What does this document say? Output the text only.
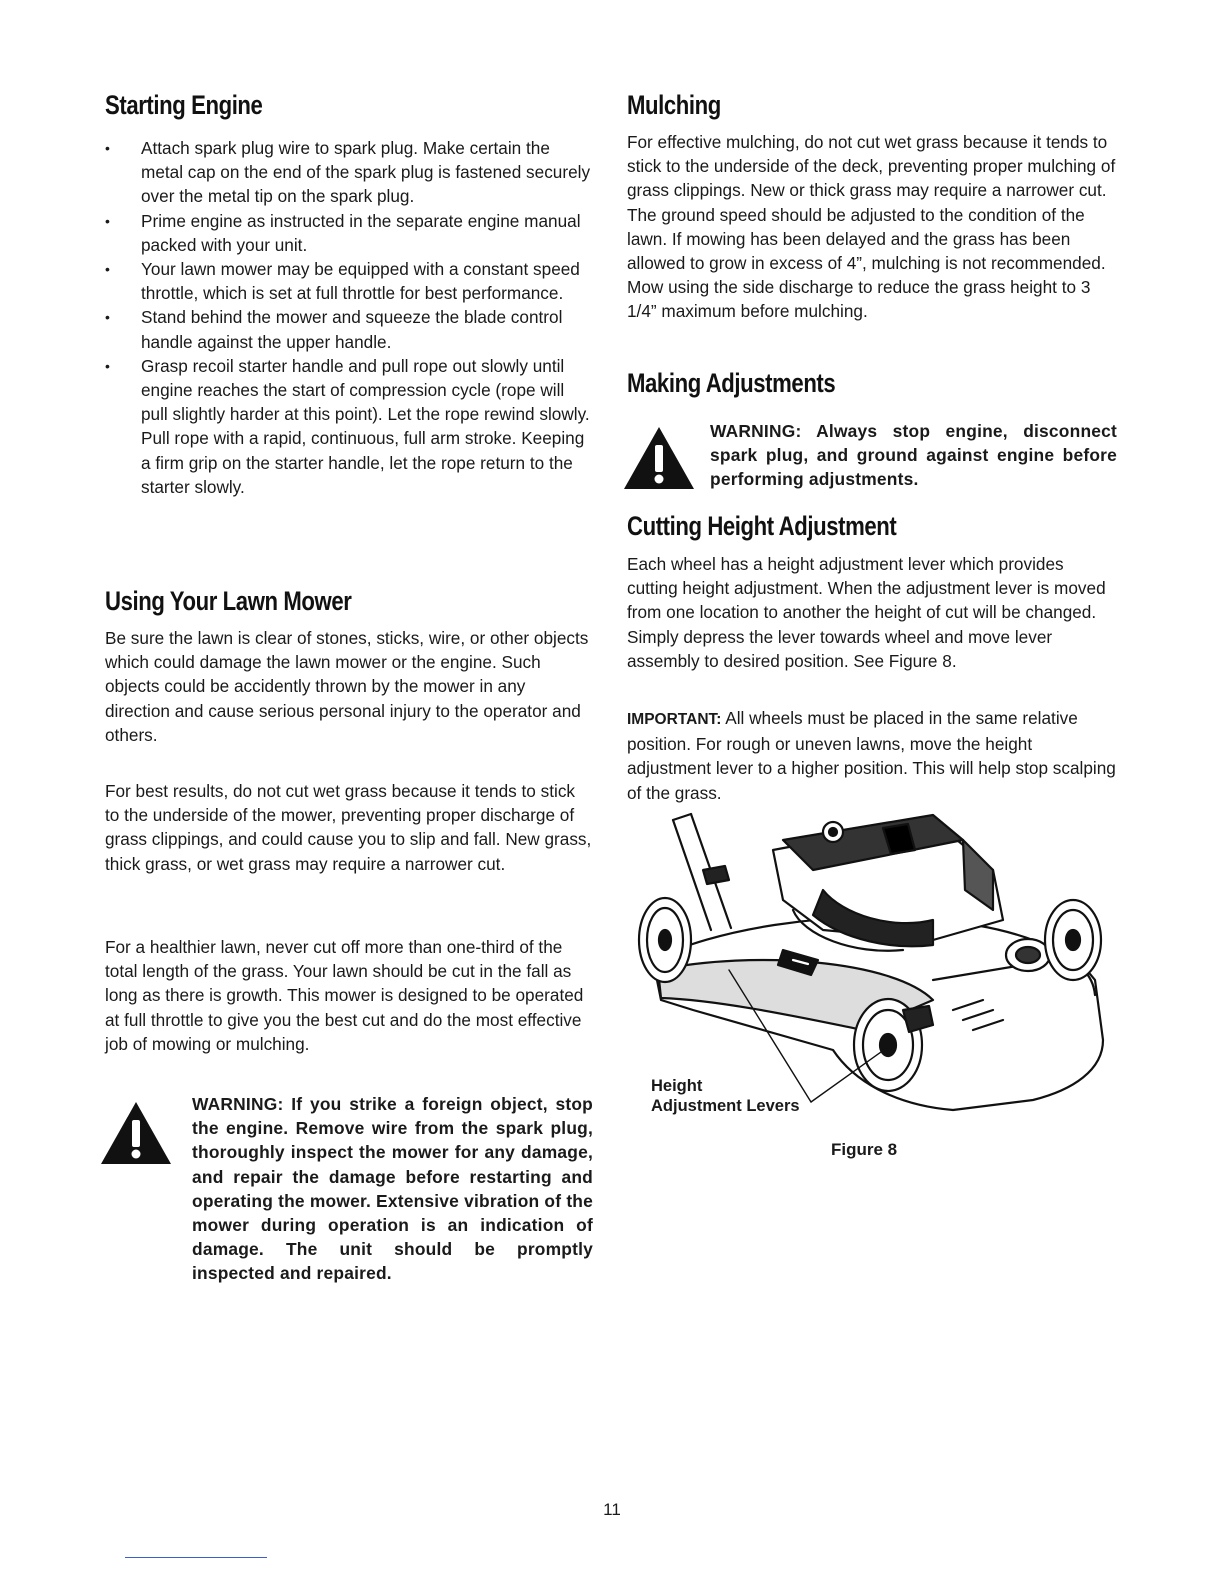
Starting Engine
• Attach spark plug wire to spark plug. Make certain the metal cap on the end of the spark plug is fastened securely over the metal tip on the spark plug.
• Prime engine as instructed in the separate engine manual packed with your unit.
• Your lawn mower may be equipped with a constant speed throttle, which is set at full throttle for best performance.
• Stand behind the mower and squeeze the blade control handle against the upper handle.
• Grasp recoil starter handle and pull rope out slowly until engine reaches the start of compression cycle (rope will pull slightly harder at this point). Let the rope rewind slowly. Pull rope with a rapid, continuous, full arm stroke. Keeping a firm grip on the starter handle, let the rope return to the starter slowly.
Using Your Lawn Mower

Be sure the lawn is clear of stones, sticks, wire, or other objects which could damage the lawn mower or the engine. Such objects could be accidently thrown by the mower in any direction and cause serious personal injury to the operator and others.

For best results, do not cut wet grass because it tends to stick to the underside of the mower, preventing proper discharge of grass clippings, and could cause you to slip and fall. New grass, thick grass, or wet grass may require a narrower cut.

For a healthier lawn, never cut off more than one-third of the total length of the grass. Your lawn should be cut in the fall as long as there is growth. This mower is designed to be operated at full throttle to give you the best cut and do the most effective job of mowing or mulching.

WARNING: If you strike a foreign object, stop the engine. Remove wire from the spark plug, thoroughly inspect the mower for any damage, and repair the damage before restarting and operating the mower. Extensive vibration of the mower during operation is an indication of damage. The unit should be promptly inspected and repaired.
Mulching

For effective mulching, do not cut wet grass because it tends to stick to the underside of the deck, preventing proper mulching of grass clippings. New or thick grass may require a narrower cut. The ground speed should be adjusted to the condition of the lawn. If mowing has been delayed and the grass has been allowed to grow in excess of 4”, mulching is not recommended. Mow using the side discharge to reduce the grass height to 3 1/4” maximum before mulching.

Making Adjustments
WARNING: Always stop engine, disconnect spark plug, and ground against engine before performing adjustments.
Cutting Height Adjustment

Each wheel has a height adjustment lever which provides cutting height adjustment. When the adjustment lever is moved from one location to another the height of cut will be changed. Simply depress the lever towards wheel and move lever assembly to desired position. See Figure 8.

IMPORTANT: All wheels must be placed in the same relative position. For rough or uneven lawns, move the height adjustment lever to a higher position. This will help stop scalping of the grass.

Height
Adjustment Levers
Figure 8
11
